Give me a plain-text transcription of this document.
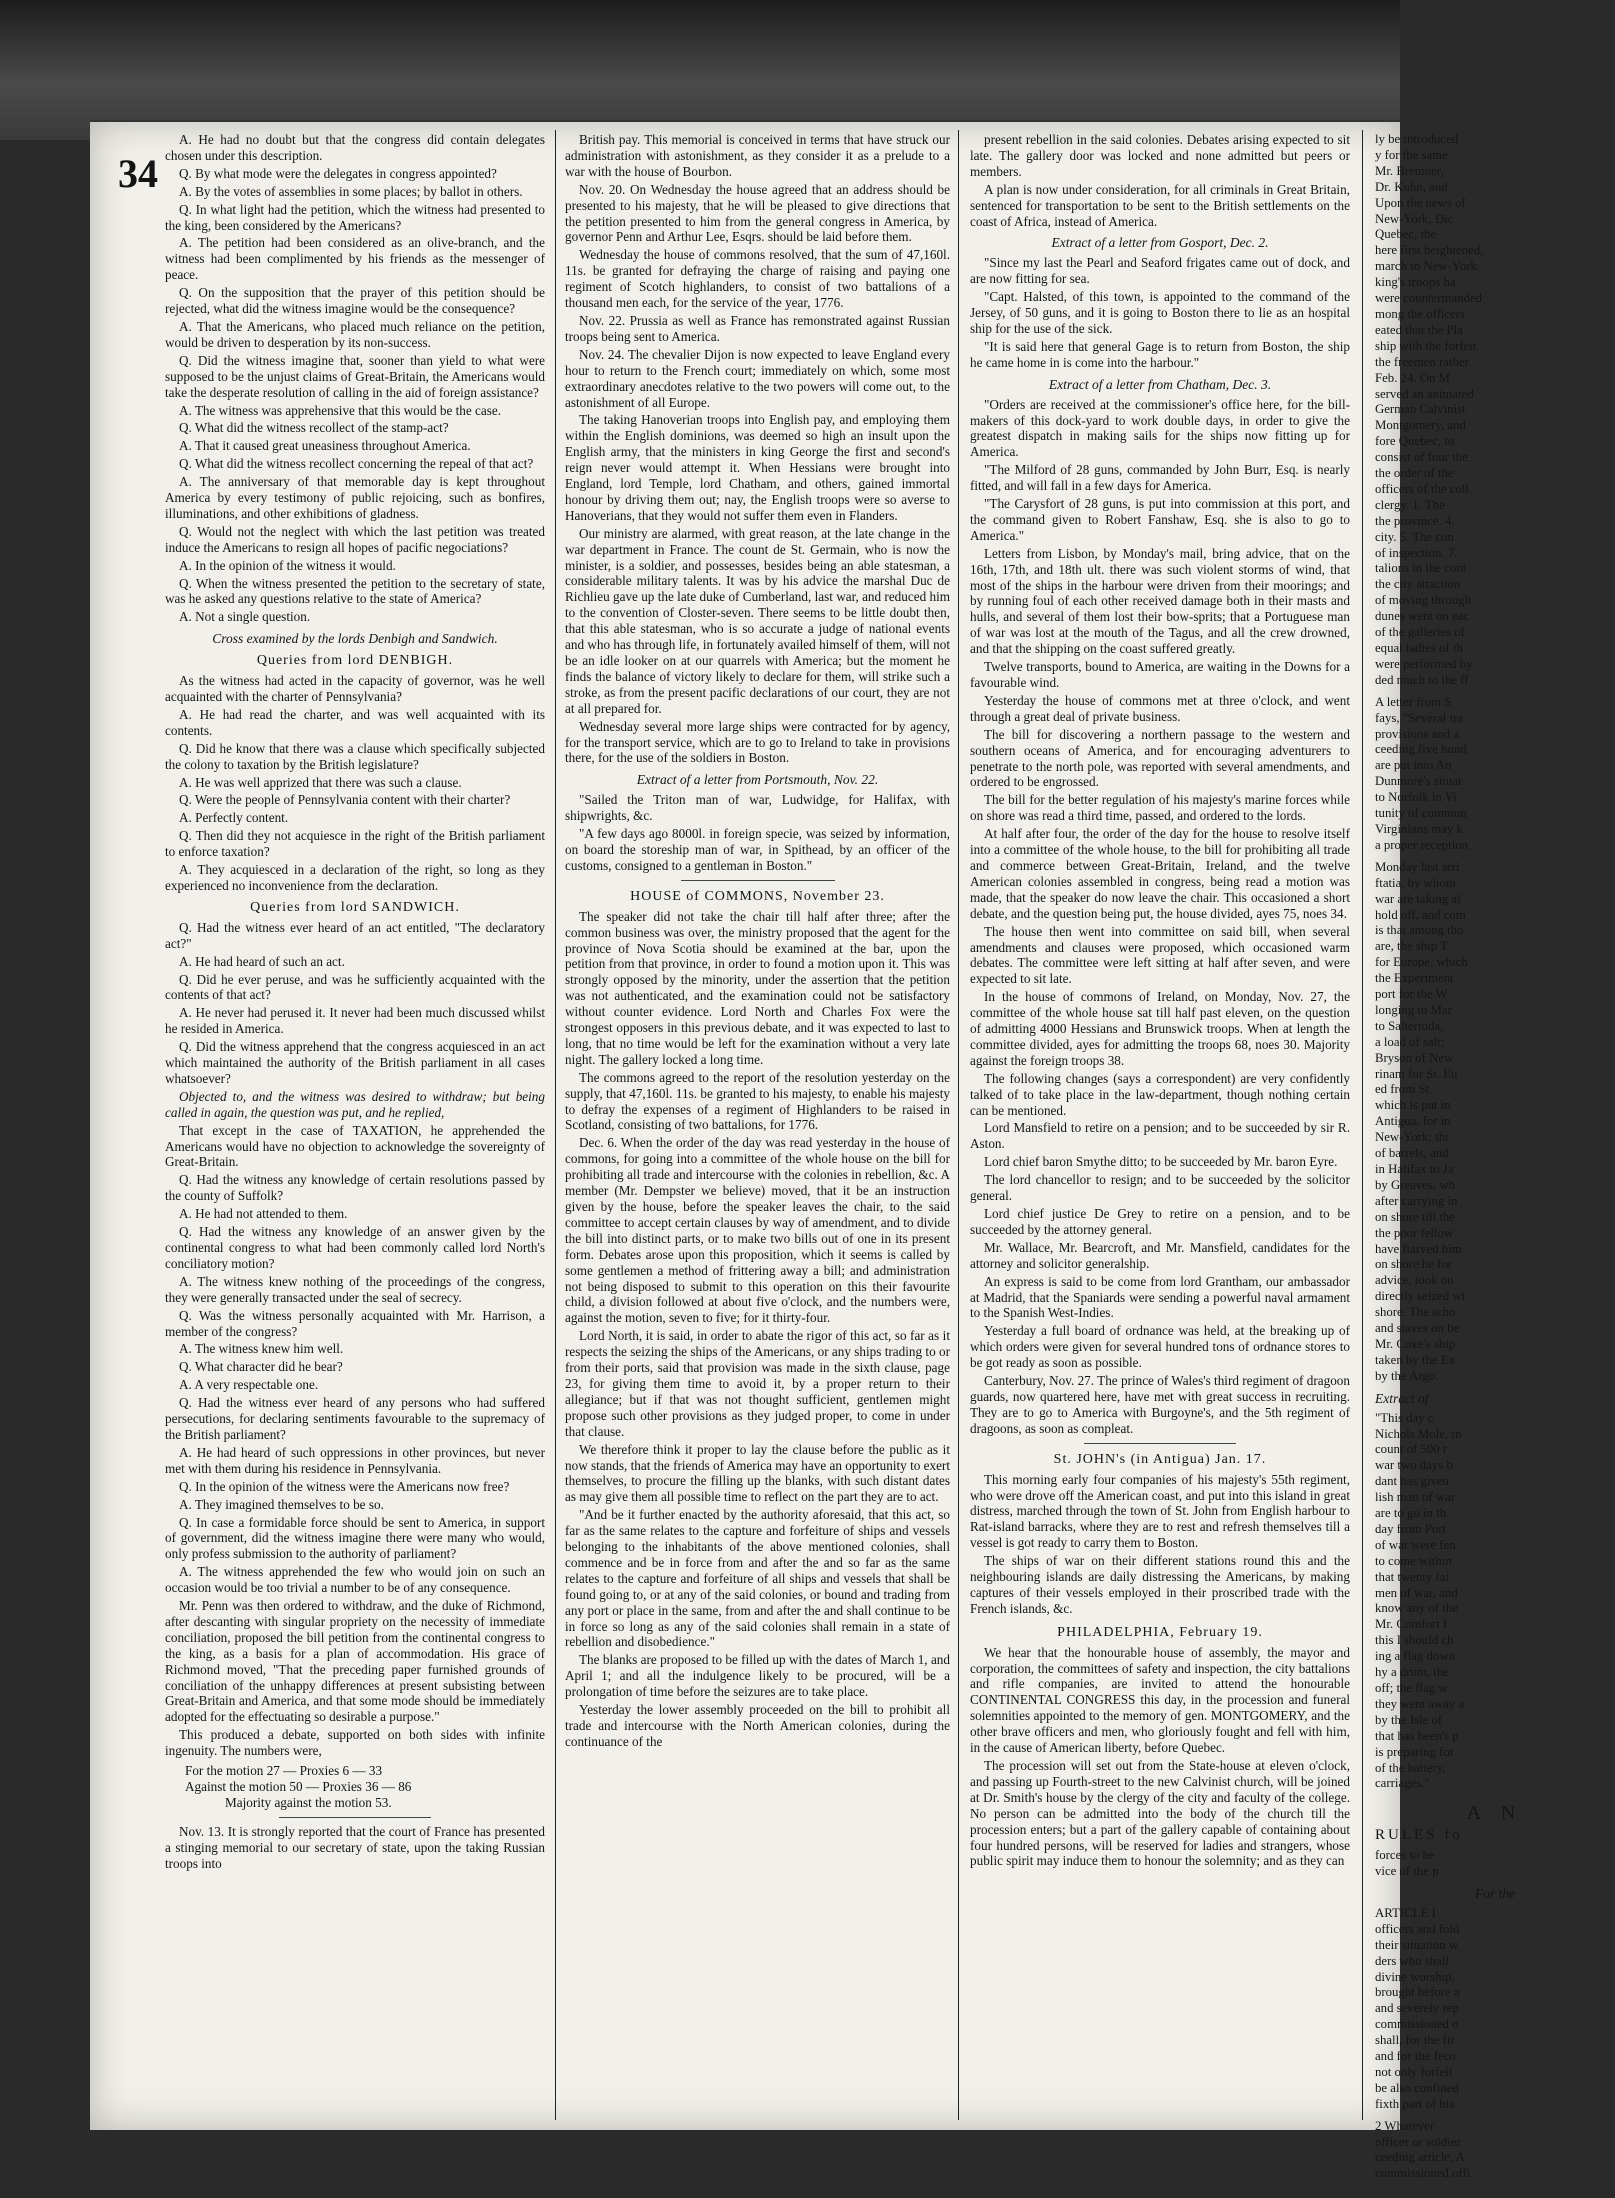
34

A. He had no doubt but that the congress did contain delegates chosen under this description.

Q. By what mode were the delegates in congress appointed?

A. By the votes of assemblies in some places; by ballot in others.

Q. In what light had the petition, which the witness had presented to the king, been considered by the Americans?

A. The petition had been considered as an olive-branch, and the witness had been complimented by his friends as the messenger of peace.

Q. On the supposition that the prayer of this petition should be rejected, what did the witness imagine would be the consequence?

A. That the Americans, who placed much reliance on the petition, would be driven to desperation by its non-success.

Q. Did the witness imagine that, sooner than yield to what were supposed to be the unjust claims of Great-Britain, the Americans would take the desperate resolution of calling in the aid of foreign assistance?

A. The witness was apprehensive that this would be the case.

Q. What did the witness recollect of the stamp-act?

A. That it caused great uneasiness throughout America.

Q. What did the witness recollect concerning the repeal of that act?

A. The anniversary of that memorable day is kept throughout America by every testimony of public rejoicing, such as bonfires, illuminations, and other exhibitions of gladness.

Q. Would not the neglect with which the last petition was treated induce the Americans to resign all hopes of pacific negociations?

A. In the opinion of the witness it would.

Q. When the witness presented the petition to the secretary of state, was he asked any questions relative to the state of America?

A. Not a single question.

Cross examined by the lords Denbigh and Sandwich.
Queries from lord DENBIGH.

As the witness had acted in the capacity of governor, was he well acquainted with the charter of Pennsylvania?

A. He had read the charter, and was well acquainted with its contents.

Q. Did he know that there was a clause which specifically subjected the colony to taxation by the British legislature?

A. He was well apprized that there was such a clause.

Q. Were the people of Pennsylvania content with their charter?

A. Perfectly content.

Q. Then did they not acquiesce in the right of the British parliament to enforce taxation?

A. They acquiesced in a declaration of the right, so long as they experienced no inconvenience from the declaration.

Queries from lord SANDWICH.

Q. Had the witness ever heard of an act entitled, "The declaratory act?"

A. He had heard of such an act.

Q. Did he ever peruse, and was he sufficiently acquainted with the contents of that act?

A. He never had perused it. It never had been much discussed whilst he resided in America.

Q. Did the witness apprehend that the congress acquiesced in an act which maintained the authority of the British parliament in all cases whatsoever?

Objected to, and the witness was desired to withdraw; but being called in again, the question was put, and he replied,

That except in the case of TAXATION, he apprehended the Americans would have no objection to acknowledge the sovereignty of Great-Britain.

Q. Had the witness any knowledge of certain resolutions passed by the county of Suffolk?

A. He had not attended to them.

Q. Had the witness any knowledge of an answer given by the continental congress to what had been commonly called lord North's conciliatory motion?

A. The witness knew nothing of the proceedings of the congress, they were generally transacted under the seal of secrecy.

Q. Was the witness personally acquainted with Mr. Harrison, a member of the congress?

A. The witness knew him well.

Q. What character did he bear?

A. A very respectable one.

Q. Had the witness ever heard of any persons who had suffered persecutions, for declaring sentiments favourable to the supremacy of the British parliament?

A. He had heard of such oppressions in other provinces, but never met with them during his residence in Pennsylvania.

Q. In the opinion of the witness were the Americans now free?

A. They imagined themselves to be so.

Q. In case a formidable force should be sent to America, in support of government, did the witness imagine there were many who would, only profess submission to the authority of parliament?

A. The witness apprehended the few who would join on such an occasion would be too trivial a number to be of any consequence.

Mr. Penn was then ordered to withdraw, and the duke of Richmond, after descanting with singular propriety on the necessity of immediate conciliation, proposed the bill petition from the continental congress to the king, as a basis for a plan of accommodation. His grace of Richmond moved, "That the preceding paper furnished grounds of conciliation of the unhappy differences at present subsisting between Great-Britain and America, and that some mode should be immediately adopted for the effectuating so desirable a purpose."

This produced a debate, supported on both sides with infinite ingenuity. The numbers were,

For the motion 27 — Proxies 6 — 33
Against the motion 50 — Proxies 36 — 86
Majority against the motion 53.

Nov. 13. It is strongly reported that the court of France has presented a stinging memorial to our secretary of state, upon the taking Russian troops into

British pay. This memorial is conceived in terms that have struck our administration with astonishment, as they consider it as a prelude to a war with the house of Bourbon.

Nov. 20. On Wednesday the house agreed that an address should be presented to his majesty, that he will be pleased to give directions that the petition presented to him from the general congress in America, by governor Penn and Arthur Lee, Esqrs. should be laid before them.

Wednesday the house of commons resolved, that the sum of 47,160l. 11s. be granted for defraying the charge of raising and paying one regiment of Scotch highlanders, to consist of two battalions of a thousand men each, for the service of the year, 1776.

Nov. 22. Prussia as well as France has remonstrated against Russian troops being sent to America.

Nov. 24. The chevalier Dijon is now expected to leave England every hour to return to the French court; immediately on which, some most extraordinary anecdotes relative to the two powers will come out, to the astonishment of all Europe.

The taking Hanoverian troops into English pay, and employing them within the English dominions, was deemed so high an insult upon the English army, that the ministers in king George the first and second's reign never would attempt it. When Hessians were brought into England, lord Temple, lord Chatham, and others, gained immortal honour by driving them out; nay, the English troops were so averse to Hanoverians, that they would not suffer them even in Flanders.

Our ministry are alarmed, with great reason, at the late change in the war department in France. The count de St. Germain, who is now the minister, is a soldier, and possesses, besides being an able statesman, a considerable military talents. It was by his advice the marshal Duc de Richlieu gave up the late duke of Cumberland, last war, and reduced him to the convention of Closter-seven. There seems to be little doubt then, that this able statesman, who is so accurate a judge of national events and who has through life, in fortunately availed himself of them, will not be an idle looker on at our quarrels with America; but the moment he finds the balance of victory likely to declare for them, will strike such a stroke, as from the present pacific declarations of our court, they are not at all prepared for.

Wednesday several more large ships were contracted for by agency, for the transport service, which are to go to Ireland to take in provisions there, for the use of the soldiers in Boston.

Extract of a letter from Portsmouth, Nov. 22.

"Sailed the Triton man of war, Ludwidge, for Halifax, with shipwrights, &c.

"A few days ago 8000l. in foreign specie, was seized by information, on board the storeship man of war, in Spithead, by an officer of the customs, consigned to a gentleman in Boston."

HOUSE of COMMONS, November 23.

The speaker did not take the chair till half after three; after the common business was over, the ministry proposed that the agent for the province of Nova Scotia should be examined at the bar, upon the petition from that province, in order to found a motion upon it. This was strongly opposed by the minority, under the assertion that the petition was not authenticated, and the examination could not be satisfactory without counter evidence. Lord North and Charles Fox were the strongest opposers in this previous debate, and it was expected to last to long, that no time would be left for the examination without a very late night. The gallery locked a long time.

The commons agreed to the report of the resolution yesterday on the supply, that 47,160l. 11s. be granted to his majesty, to enable his majesty to defray the expenses of a regiment of Highlanders to be raised in Scotland, consisting of two battalions, for 1776.

Dec. 6. When the order of the day was read yesterday in the house of commons, for going into a committee of the whole house on the bill for prohibiting all trade and intercourse with the colonies in rebellion, &c. A member (Mr. Dempster we believe) moved, that it be an instruction given by the house, before the speaker leaves the chair, to the said committee to accept certain clauses by way of amendment, and to divide the bill into distinct parts, or to make two bills out of one in its present form. Debates arose upon this proposition, which it seems is called by some gentlemen a method of frittering away a bill; and administration not being disposed to submit to this operation on this their favourite child, a division followed at about five o'clock, and the numbers were, against the motion, seven to five; for it thirty-four.

Lord North, it is said, in order to abate the rigor of this act, so far as it respects the seizing the ships of the Americans, or any ships trading to or from their ports, said that provision was made in the sixth clause, page 23, for giving them time to avoid it, by a proper return to their allegiance; but if that was not thought sufficient, gentlemen might propose such other provisions as they judged proper, to come in under that clause.

We therefore think it proper to lay the clause before the public as it now stands, that the friends of America may have an opportunity to exert themselves, to procure the filling up the blanks, with such distant dates as may give them all possible time to reflect on the part they are to act.

"And be it further enacted by the authority aforesaid, that this act, so far as the same relates to the capture and forfeiture of ships and vessels belonging to the inhabitants of the above mentioned colonies, shall commence and be in force from and after the and so far as the same relates to the capture and forfeiture of all ships and vessels that shall be found going to, or at any of the said colonies, or bound and trading from any port or place in the same, from and after the and shall continue to be in force so long as any of the said colonies shall remain in a state of rebellion and disobedience."

The blanks are proposed to be filled up with the dates of March 1, and April 1; and all the indulgence likely to be procured, will be a prolongation of time before the seizures are to take place.

Yesterday the lower assembly proceeded on the bill to prohibit all trade and intercourse with the North American colonies, during the continuance of the

present rebellion in the said colonies. Debates arising expected to sit late. The gallery door was locked and none admitted but peers or members.

A plan is now under consideration, for all criminals in Great Britain, sentenced for transportation to be sent to the British settlements on the coast of Africa, instead of America.

Extract of a letter from Gosport, Dec. 2.

"Since my last the Pearl and Seaford frigates came out of dock, and are now fitting for sea.

"Capt. Halsted, of this town, is appointed to the command of the Jersey, of 50 guns, and it is going to Boston there to lie as an hospital ship for the use of the sick.

"It is said here that general Gage is to return from Boston, the ship he came home in is come into the harbour."

Extract of a letter from Chatham, Dec. 3.

"Orders are received at the commissioner's office here, for the bill-makers of this dock-yard to work double days, in order to give the greatest dispatch in making sails for the ships now fitting up for America.

"The Milford of 28 guns, commanded by John Burr, Esq. is nearly fitted, and will fall in a few days for America.

"The Carysfort of 28 guns, is put into commission at this port, and the command given to Robert Fanshaw, Esq. she is also to go to America."

Letters from Lisbon, by Monday's mail, bring advice, that on the 16th, 17th, and 18th ult. there was such violent storms of wind, that most of the ships in the harbour were driven from their moorings; and by running foul of each other received damage both in their masts and hulls, and several of them lost their bow-sprits; that a Portuguese man of war was lost at the mouth of the Tagus, and all the crew drowned, and that the shipping on the coast suffered greatly.

Twelve transports, bound to America, are waiting in the Downs for a favourable wind.

Yesterday the house of commons met at three o'clock, and went through a great deal of private business.

The bill for discovering a northern passage to the western and southern oceans of America, and for encouraging adventurers to penetrate to the north pole, was reported with several amendments, and ordered to be engrossed.

The bill for the better regulation of his majesty's marine forces while on shore was read a third time, passed, and ordered to the lords.

At half after four, the order of the day for the house to resolve itself into a committee of the whole house, to the bill for prohibiting all trade and commerce between Great-Britain, Ireland, and the twelve American colonies assembled in congress, being read a motion was made, that the speaker do now leave the chair. This occasioned a short debate, and the question being put, the house divided, ayes 75, noes 34.

The house then went into committee on said bill, when several amendments and clauses were proposed, which occasioned warm debates. The committee were left sitting at half after seven, and were expected to sit late.

In the house of commons of Ireland, on Monday, Nov. 27, the committee of the whole house sat till half past eleven, on the question of admitting 4000 Hessians and Brunswick troops. When at length the committee divided, ayes for admitting the troops 68, noes 30. Majority against the foreign troops 38.

The following changes (says a correspondent) are very confidently talked of to take place in the law-department, though nothing certain can be mentioned.

Lord Mansfield to retire on a pension; and to be succeeded by sir R. Aston.

Lord chief baron Smythe ditto; to be succeeded by Mr. baron Eyre.

The lord chancellor to resign; and to be succeeded by the solicitor general.

Lord chief justice De Grey to retire on a pension, and to be succeeded by the attorney general.

Mr. Wallace, Mr. Bearcroft, and Mr. Mansfield, candidates for the attorney and solicitor generalship.

An express is said to be come from lord Grantham, our ambassador at Madrid, that the Spaniards were sending a powerful naval armament to the Spanish West-Indies.

Yesterday a full board of ordnance was held, at the breaking up of which orders were given for several hundred tons of ordnance stores to be got ready as soon as possible.

Canterbury, Nov. 27. The prince of Wales's third regiment of dragoon guards, now quartered here, have met with great success in recruiting. They are to go to America with Burgoyne's, and the 5th regiment of dragoons, as soon as compleat.

St. JOHN's (in Antigua) Jan. 17.

This morning early four companies of his majesty's 55th regiment, who were drove off the American coast, and put into this island in great distress, marched through the town of St. John from English harbour to Rat-island barracks, where they are to rest and refresh themselves till a vessel is got ready to carry them to Boston.

The ships of war on their different stations round this and the neighbouring islands are daily distressing the Americans, by making captures of their vessels employed in their proscribed trade with the French islands, &c.

PHILADELPHIA, February 19.

We hear that the honourable house of assembly, the mayor and corporation, the committees of safety and inspection, the city battalions and rifle companies, are invited to attend the honourable CONTINENTAL CONGRESS this day, in the procession and funeral solemnities appointed to the memory of gen. MONTGOMERY, and the other brave officers and men, who gloriously fought and fell with him, in the cause of American liberty, before Quebec.

The procession will set out from the State-house at eleven o'clock, and passing up Fourth-street to the new Calvinist church, will be joined at Dr. Smith's house by the clergy of the city and faculty of the college. No person can be admitted into the body of the church till the procession enters; but a part of the gallery capable of containing about four hundred persons, will be reserved for ladies and strangers, whose public spirit may induce them to honour the solemnity; and as they can

ly be introduced
y for the same
Mr. Bremner,
Dr. Kuhn, and
Upon the news of
New-York, Dic
Quebec, the
here first heightened,
march to New-York.
king's troops ha
were countermanded
mong the officers
eated that the Pla
ship with the forfeit
the freemen rather
Feb. 24. On M
served an animated
German Calvinist
Montgomery, and
fore Quebec, to
consist of four the
the order of the
officers of the coll
clergy. 1. The
the province. 4.
city. 5. The con
of inspection. 7.
talions in the cont
the city attaction
of moving through
dunes went on eac
of the galleries of
equal ladies of th
were performed by
ded much to the ff
A letter from S
fays, "Several tra
provisions and a
ceeding five hund
are put into An
Dunmore's situat
to Norfolk in Vi
tunity of commun
Virginians may k
a proper reception
Monday last arri
ftatia, by whom
war are taking al
hold off, and com
is that among tho
are, the ship T
for Europe, which
the Experiment
port for the W
longing to Mar
to Saltertuda,
a load of salt;
Bryson of New
rinam for St. Eu
ed from St.
which is put in
Antigua, for in
New-York: thr
of barrels, and
in Halifax to Ja
by Greaves, wh
after carrying in
on shore till the
the poor fellow
have ftarved him
on shore he for
advice, took ou
directly seized wi
shore. The scho
and staves on be
Mr. Coxe's ship
taken by the Ex
by the Argo.
Extract of
"This day c
Nichols Mole, in
count of 500 r
war two days b
dant has given
lish man of war
are to go in th
day from Port
of war were fen
to come within
that twenty fai
men of war, and
know any of the
Mr. Comfort I
this I should ch
ing a flag down
hy a drum, the
off; the flag w
they went away a
by the Isle of
that has been's p
is preparing for
of the battery,
carriages."
A N
RULES fo
forces to be
vice of the p
For the
ARTICLE I
officers and fold
their situation w
ders who shall
divine worship,
brought before a
and severely rep
commissioned o
shall, for the fir
and for the feco
not only forfeit
be also confined
fixth part of his
2 Whatever
officer or soldier
ceeding article, A
commissioned offi
